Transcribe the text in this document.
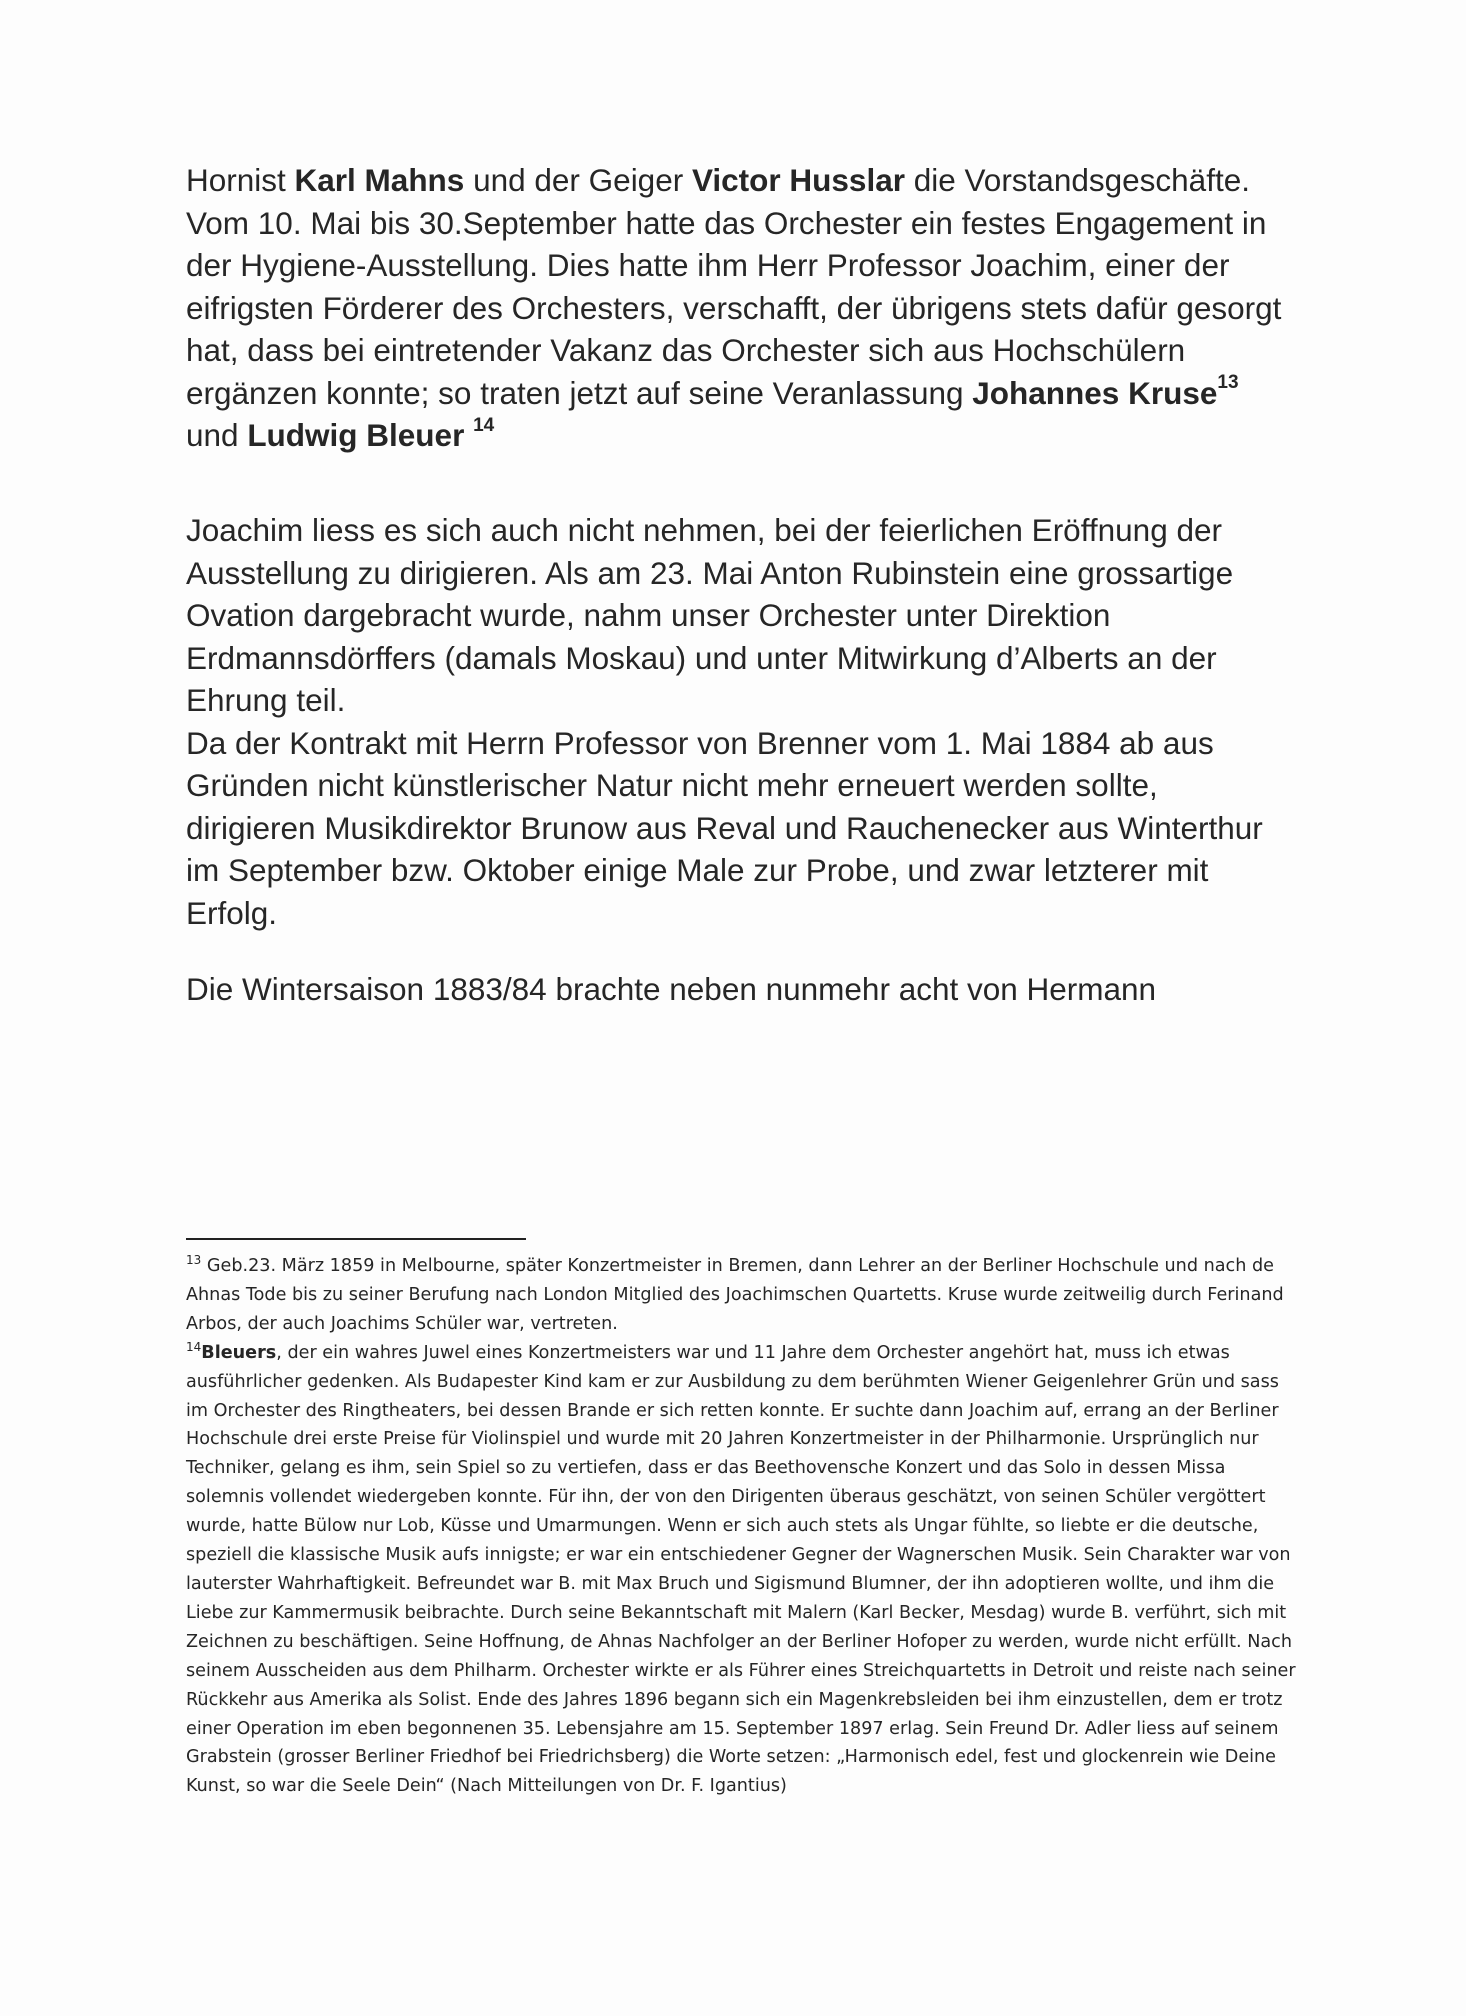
Hornist Karl Mahns und der Geiger Victor Husslar die Vorstandsgeschäfte. Vom 10. Mai bis 30.September hatte das Orchester ein festes Engagement in der Hygiene-Ausstellung. Dies hatte ihm Herr Professor Joachim, einer der eifrigsten Förderer des Orchesters, verschafft, der übrigens stets dafür gesorgt hat, dass bei eintretender Vakanz das Orchester sich aus Hochschülern ergänzen konnte; so traten jetzt auf seine Veranlassung Johannes Kruse$^{13}$ und Ludwig Bleuer $^{14}$

Joachim liess es sich auch nicht nehmen, bei der feierlichen Eröffnung der Ausstellung zu dirigieren. Als am 23. Mai Anton Rubinstein eine grossartige Ovation dargebracht wurde, nahm unser Orchester unter Direktion Erdmannsdörffers (damals Moskau) und unter Mitwirkung d’Alberts an der Ehrung teil.

Da der Kontrakt mit Herrn Professor von Brenner vom 1. Mai 1884 ab aus Gründen nicht künstlerischer Natur nicht mehr erneuert werden sollte, dirigieren Musikdirektor Brunow aus Reval und Rauchenecker aus Winterthur im September bzw. Oktober einige Male zur Probe, und zwar letzterer mit Erfolg.

Die Wintersaison 1883/84 brachte neben nunmehr acht von Hermann

$^{13}$ Geb.23. März 1859 in Melbourne, später Konzertmeister in Bremen, dann Lehrer an der Berliner Hochschule und nach de Ahnas Tode bis zu seiner Berufung nach London Mitglied des Joachimschen Quartetts. Kruse wurde zeitweilig durch Ferinand Arbos, der auch Joachims Schüler war, vertreten.

$^{14}$Bleuers, der ein wahres Juwel eines Konzertmeisters war und 11 Jahre dem Orchester angehört hat, muss ich etwas ausführlicher gedenken. Als Budapester Kind kam er zur Ausbildung zu dem berühmten Wiener Geigenlehrer Grün und sass im Orchester des Ringtheaters, bei dessen Brande er sich retten konnte. Er suchte dann Joachim auf, errang an der Berliner Hochschule drei erste Preise für Violinspiel und wurde mit 20 Jahren Konzertmeister in der Philharmonie. Ursprünglich nur Techniker, gelang es ihm, sein Spiel so zu vertiefen, dass er das Beethovensche Konzert und das Solo in dessen Missa solemnis vollendet wiedergeben konnte. Für ihn, der von den Dirigenten überaus geschätzt, von seinen Schüler vergöttert wurde, hatte Bülow nur Lob, Küsse und Umarmungen. Wenn er sich auch stets als Ungar fühlte, so liebte er die deutsche, speziell die klassische Musik aufs innigste; er war ein entschiedener Gegner der Wagnerschen Musik. Sein Charakter war von lauterster Wahrhaftigkeit. Befreundet war B. mit Max Bruch und Sigismund Blumner, der ihn adoptieren wollte, und ihm die Liebe zur Kammermusik beibrachte. Durch seine Bekanntschaft mit Malern (Karl Becker, Mesdag) wurde B. verführt, sich mit Zeichnen zu beschäftigen. Seine Hoffnung, de Ahnas Nachfolger an der Berliner Hofoper zu werden, wurde nicht erfüllt. Nach seinem Ausscheiden aus dem Philharm. Orchester wirkte er als Führer eines Streichquartetts in Detroit und reiste nach seiner Rückkehr aus Amerika als Solist. Ende des Jahres 1896 begann sich ein Magenkrebsleiden bei ihm einzustellen, dem er trotz einer Operation im eben begonnenen 35. Lebensjahre am 15. September 1897 erlag. Sein Freund Dr. Adler liess auf seinem Grabstein (grosser Berliner Friedhof bei Friedrichsberg) die Worte setzen: „Harmonisch edel, fest und glockenrein wie Deine Kunst, so war die Seele Dein“ (Nach Mitteilungen von Dr. F. Igantius)
